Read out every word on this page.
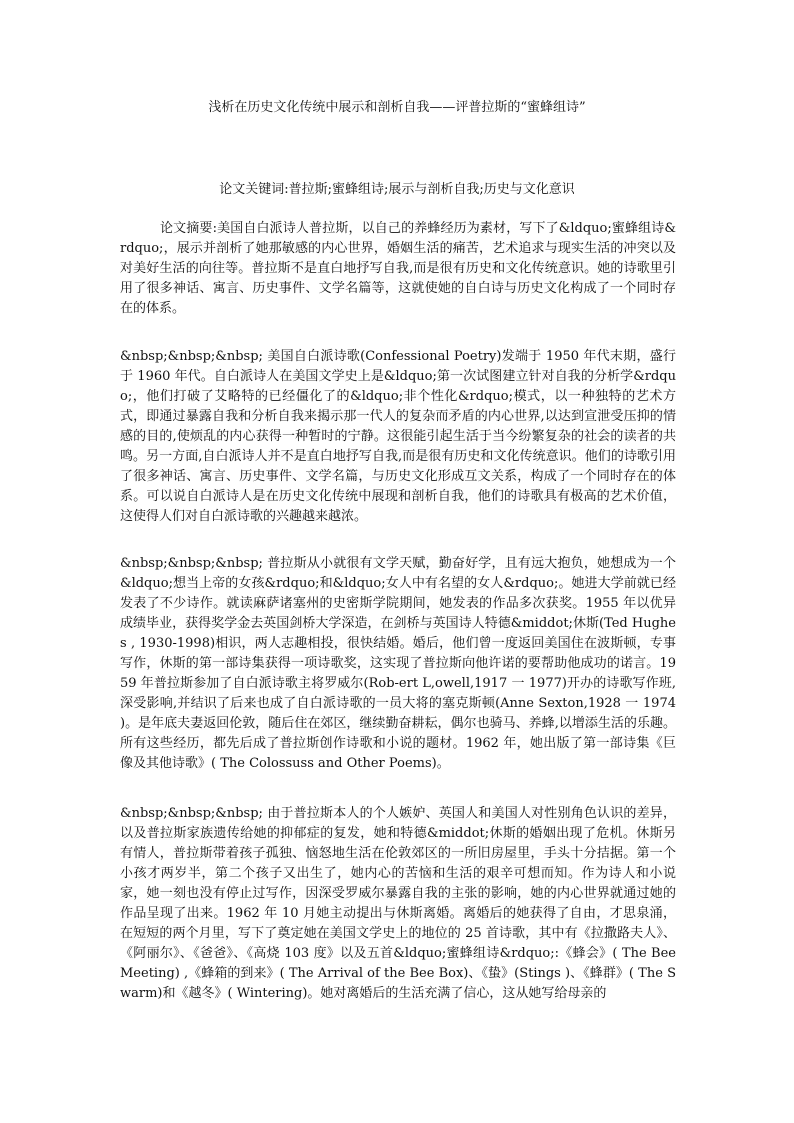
浅析在历史文化传统中展示和剖析自我——评普拉斯的“蜜蜂组诗”
论文关键词:普拉斯;蜜蜂组诗;展示与剖析自我;历史与文化意识
论文摘要:美国自白派诗人普拉斯，以自己的养蜂经历为素材，写下了&ldquo;蜜蜂组诗&rdquo;，展示并剖析了她那敏感的内心世界，婚姻生活的痛苦，艺术追求与现实生活的冲突以及对美好生活的向往等。普拉斯不是直白地抒写自我,而是很有历史和文化传统意识。她的诗歌里引用了很多神话、寓言、历史事件、文学名篇等，这就使她的自白诗与历史文化构成了一个同时存在的体系。
&nbsp;&nbsp;&nbsp; 美国自白派诗歌(Confessional Poetry)发端于 1950 年代末期，盛行于 1960 年代。自白派诗人在美国文学史上是&ldquo;第一次试图建立针对自我的分析学&rdquo;，他们打破了艾略特的已经僵化了的&ldquo;非个性化&rdquo;模式，以一种独特的艺术方式，即通过暴露自我和分析自我来揭示那一代人的复杂而矛盾的内心世界,以达到宣泄受压抑的情感的目的,使烦乱的内心获得一种暂时的宁静。这很能引起生活于当今纷繁复杂的社会的读者的共鸣。另一方面,自白派诗人并不是直白地抒写自我,而是很有历史和文化传统意识。他们的诗歌引用了很多神话、寓言、历史事件、文学名篇，与历史文化形成互文关系，构成了一个同时存在的体系。可以说自白派诗人是在历史文化传统中展现和剖析自我，他们的诗歌具有极高的艺术价值，这使得人们对自白派诗歌的兴趣越来越浓。
&nbsp;&nbsp;&nbsp; 普拉斯从小就很有文学天赋，勤奋好学，且有远大抱负，她想成为一个&ldquo;想当上帝的女孩&rdquo;和&ldquo;女人中有名望的女人&rdquo;。她进大学前就已经发表了不少诗作。就读麻萨诸塞州的史密斯学院期间，她发表的作品多次获奖。1955 年以优异成绩毕业，获得奖学金去英国剑桥大学深造，在剑桥与英国诗人特德&middot;休斯(Ted Hughes , 1930-1998)相识，两人志趣相投，很快结婚。婚后，他们曾一度返回美国住在波斯顿，专事写作，休斯的第一部诗集获得一项诗歌奖，这实现了普拉斯向他许诺的要帮助他成功的诺言。1959 年普拉斯参加了自白派诗歌主将罗威尔(Rob-ert L,owell,1917 一 1977)开办的诗歌写作班,深受影响,并结识了后来也成了自白派诗歌的一员大将的塞克斯顿(Anne Sexton,1928 一 1974 )。是年底夫妻返回伦敦，随后住在郊区，继续勤奋耕耘，偶尔也骑马、养蜂,以增添生活的乐趣。所有这些经历，都先后成了普拉斯创作诗歌和小说的题材。1962 年，她出版了第一部诗集《巨像及其他诗歌》( The Colossuss and Other Poems)。
&nbsp;&nbsp;&nbsp; 由于普拉斯本人的个人嫉妒、英国人和美国人对性别角色认识的差异，以及普拉斯家族遗传给她的抑郁症的复发，她和特德&middot;休斯的婚姻出现了危机。休斯另有情人，普拉斯带着孩子孤独、恼怒地生活在伦敦郊区的一所旧房屋里，手头十分拮据。第一个小孩才两岁半，第二个孩子又出生了，她内心的苦恼和生活的艰辛可想而知。作为诗人和小说家，她一刻也没有停止过写作，因深受罗威尔暴露自我的主张的影响，她的内心世界就通过她的作品呈现了出来。1962 年 10 月她主动提出与休斯离婚。离婚后的她获得了自由，才思泉涌，在短短的两个月里，写下了奠定她在美国文学史上的地位的 25 首诗歌，其中有《拉撒路夫人》、《阿丽尔》、《爸爸》、《高烧 103 度》以及五首&ldquo;蜜蜂组诗&rdquo;:《蜂会》( The Bee Meeting) ,《蜂箱的到来》( The Arrival of the Bee Box)、《蛰》(Stings )、《蜂群》( The Swarm)和《越冬》( Wintering)。她对离婚后的生活充满了信心，这从她写给母亲的
